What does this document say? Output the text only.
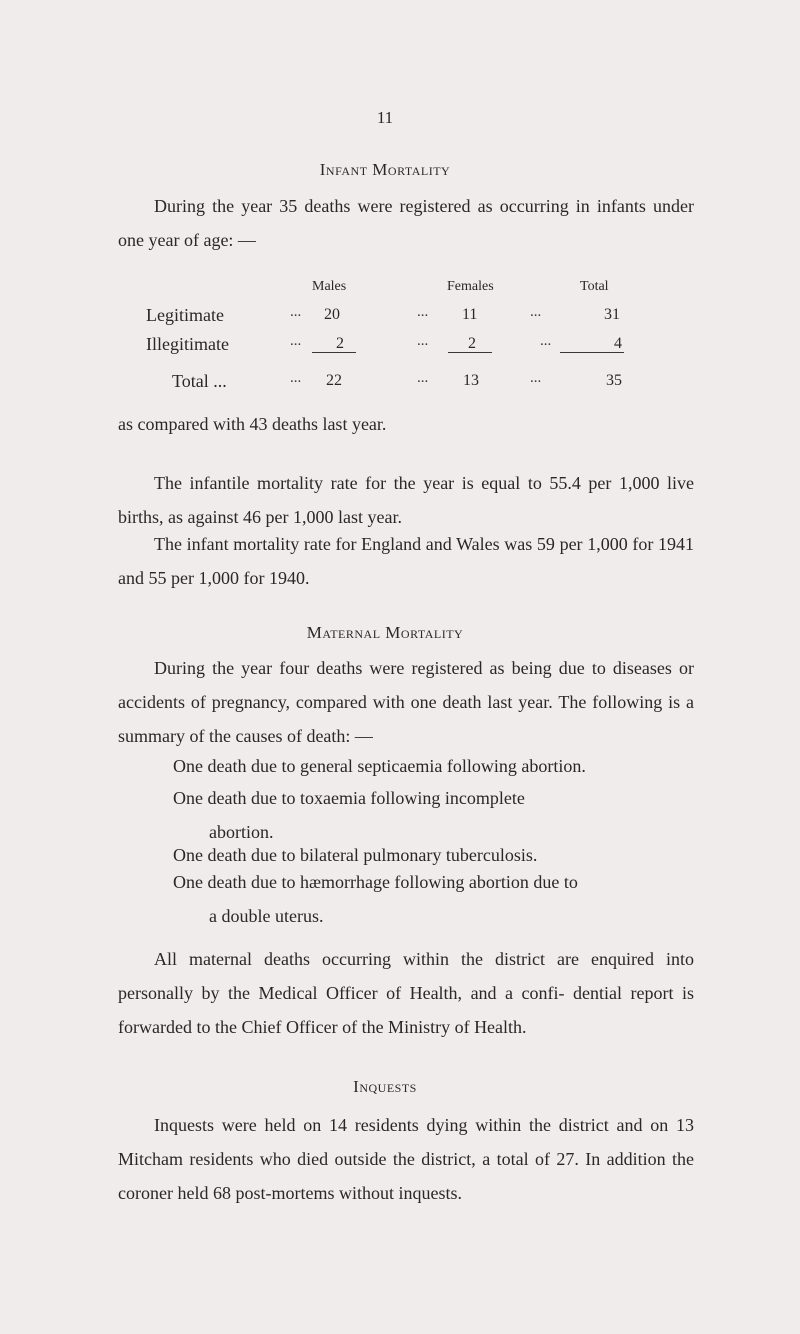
11
Infant Mortality
During the year 35 deaths were registered as occurring in infants under one year of age: —
Males	Females	Total
Legitimate	... 20	... 11	...	31
Illegitimate	... 2	... 2	...	4
Total ...	... 22	... 13	...	35
as compared with 43 deaths last year.
The infantile mortality rate for the year is equal to 55.4 per 1,000 live births, as against 46 per 1,000 last year.
The infant mortality rate for England and Wales was 59 per 1,000 for 1941 and 55 per 1,000 for 1940.
Maternal Mortality
During the year four deaths were registered as being due to diseases or accidents of pregnancy, compared with one death last year. The following is a summary of the causes of death: —
One death due to general septicaemia following abortion.
One death due to toxaemia following incomplete
abortion.
One death due to bilateral pulmonary tuberculosis.
One death due to hæmorrhage following abortion due to
a double uterus.
All maternal deaths occurring within the district are enquired into personally by the Medical Officer of Health, and a confi- dential report is forwarded to the Chief Officer of the Ministry of Health.
Inquests
Inquests were held on 14 residents dying within the district and on 13 Mitcham residents who died outside the district, a total of 27. In addition the coroner held 68 post-mortems without inquests.
